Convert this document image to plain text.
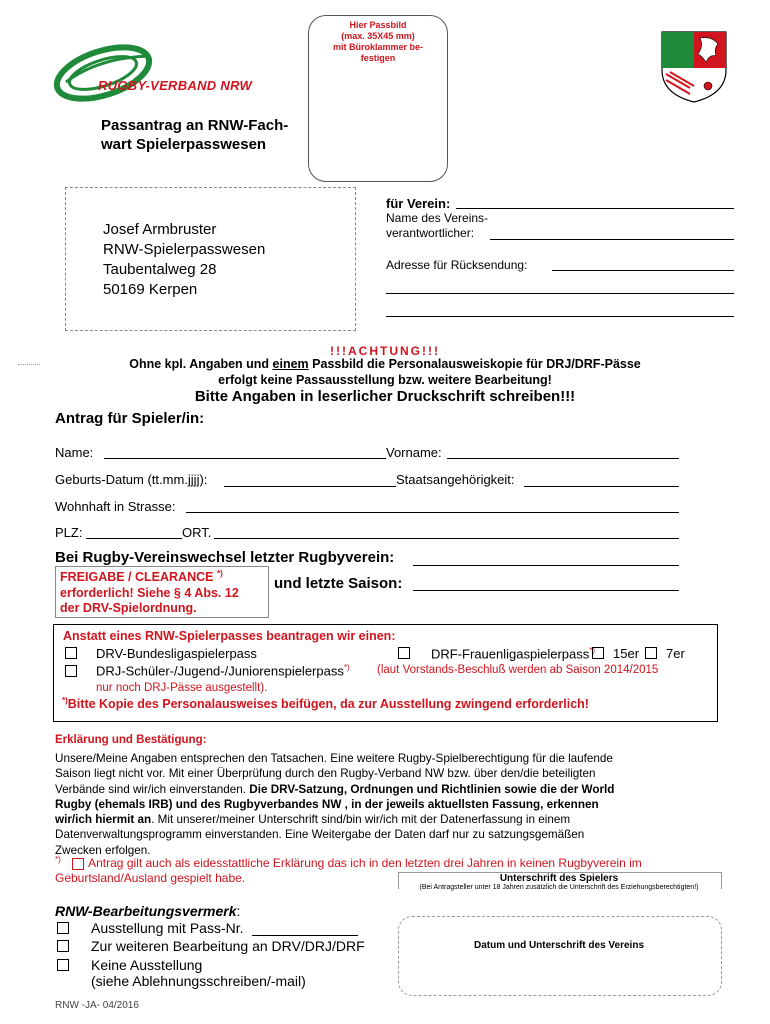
RUGBY-VERBAND NRW
Hier Passbild
(max. 35X45 mm)
mit Büroklammer be-
festigen
Passantrag an RNW-Fach-
wart Spielerpasswesen
Josef Armbruster
RNW-Spielerpasswesen
Taubentalweg 28
50169 Kerpen
für Verein:
Name des Vereins-
verantwortlicher:
Adresse für Rücksendung:
!!!ACHTUNG!!!
Ohne kpl. Angaben und einem Passbild die Personalausweiskopie für DRJ/DRF-Pässe
erfolgt keine Passausstellung bzw. weitere Bearbeitung!
Bitte Angaben in leserlicher Druckschrift schreiben!!!
Antrag für Spieler/in:
Name:	Vorname:
Geburts-Datum (tt.mm.jjjj):	Staatsangehörigkeit:
Wohnhaft in Strasse:
PLZ:	ORT.
Bei Rugby-Vereinswechsel letzter Rugbyverein:
FREIGABE / CLEARANCE *)
erforderlich! Siehe § 4 Abs. 12
der DRV-Spielordnung.
und letzte Saison:
Anstatt eines RNW-Spielerpasses beantragen wir einen:
DRV-Bundesligaspielerpass	DRF-Frauenligaspielerpass*) 15er 7er
DRJ-Schüler-/Jugend-/Juniorenspielerpass*) (laut Vorstands-Beschluß werden ab Saison 2014/2015
nur noch DRJ-Pässe ausgestellt).
*)Bitte Kopie des Personalausweises beifügen, da zur Ausstellung zwingend erforderlich!
Erklärung und Bestätigung:
Unsere/Meine Angaben entsprechen den Tatsachen. Eine weitere Rugby-Spielberechtigung für die laufende
Saison liegt nicht vor. Mit einer Überprüfung durch den Rugby-Verband NW bzw. über den/die beteiligten
Verbände sind wir/ich einverstanden. Die DRV-Satzung, Ordnungen und Richtlinien sowie die der World
Rugby (ehemals IRB) und des Rugbyverbandes NW , in der jeweils aktuellsten Fassung, erkennen
wir/ich hiermit an. Mit unserer/meiner Unterschrift sind/bin wir/ich mit der Datenerfassung in einem
Datenverwaltungsprogramm einverstanden. Eine Weitergabe der Daten darf nur zu satzungsgemäßen
Zwecken erfolgen.
*) Antrag gilt auch als eidesstattliche Erklärung das ich in den letzten drei Jahren in keinen Rugbyverein im
Geburtsland/Ausland gespielt habe.	Unterschrift des Spielers
(Bei Antragsteller unter 18 Jahren zusätzlich die Unterschrift des Erziehungsberechtigten!)
Datum und Unterschrift des Vereins
RNW-Bearbeitungsvermerk:
Ausstellung mit Pass-Nr.
Zur weiteren Bearbeitung an DRV/DRJ/DRF
Keine Ausstellung
(siehe Ablehnungsschreiben/-mail)
RNW -JA- 04/2016
